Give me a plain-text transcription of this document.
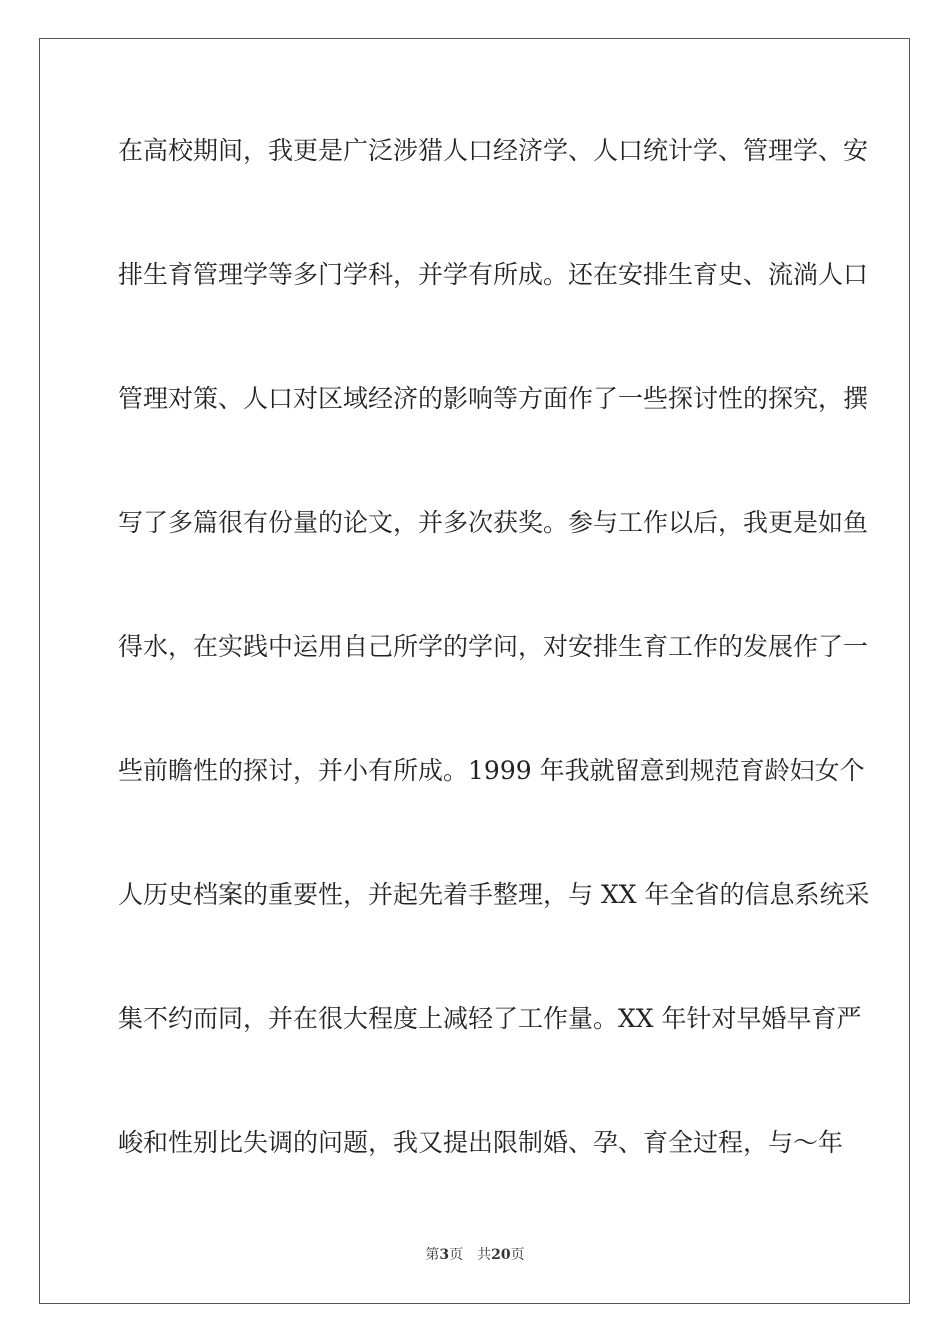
在高校期间，我更是广泛涉猎人口经济学、人口统计学、管理学、安
排生育管理学等多门学科，并学有所成。还在安排生育史、流淌人口
管理对策、人口对区域经济的影响等方面作了一些探讨性的探究，撰
写了多篇很有份量的论文，并多次获奖。参与工作以后，我更是如鱼
得水，在实践中运用自己所学的学问，对安排生育工作的发展作了一
些前瞻性的探讨，并小有所成。1999 年我就留意到规范育龄妇女个
人历史档案的重要性，并起先着手整理，与 XX 年全省的信息系统采
集不约而同，并在很大程度上减轻了工作量。XX 年针对早婚早育严
峻和性别比失调的问题，我又提出限制婚、孕、育全过程，与～年
第3页 共20页
